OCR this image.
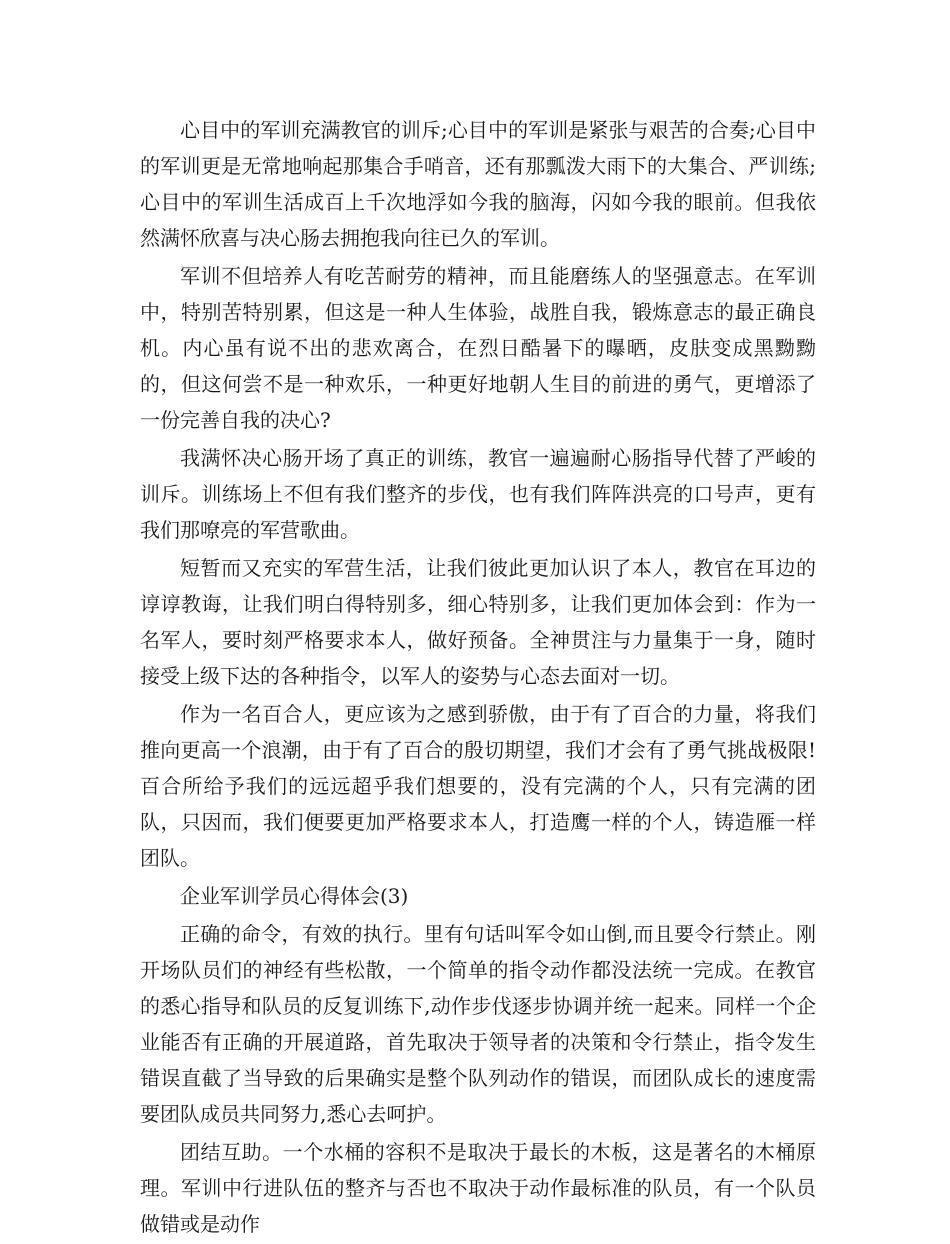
心目中的军训充满教官的训斥;心目中的军训是紧张与艰苦的合奏;心目中的军训更是无常地响起那集合手哨音，还有那瓢泼大雨下的大集合、严训练;心目中的军训生活成百上千次地浮如今我的脑海，闪如今我的眼前。但我依然满怀欣喜与决心肠去拥抱我向往已久的军训。

军训不但培养人有吃苦耐劳的精神，而且能磨练人的坚强意志。在军训中，特别苦特别累，但这是一种人生体验，战胜自我，锻炼意志的最正确良机。内心虽有说不出的悲欢离合，在烈日酷暑下的曝晒，皮肤变成黑黝黝的，但这何尝不是一种欢乐，一种更好地朝人生目的前进的勇气，更增添了一份完善自我的决心?

我满怀决心肠开场了真正的训练，教官一遍遍耐心肠指导代替了严峻的训斥。训练场上不但有我们整齐的步伐，也有我们阵阵洪亮的口号声，更有我们那嘹亮的军营歌曲。

短暂而又充实的军营生活，让我们彼此更加认识了本人，教官在耳边的谆谆教诲，让我们明白得特别多，细心特别多，让我们更加体会到：作为一名军人，要时刻严格要求本人，做好预备。全神贯注与力量集于一身，随时接受上级下达的各种指令，以军人的姿势与心态去面对一切。

作为一名百合人，更应该为之感到骄傲，由于有了百合的力量，将我们推向更高一个浪潮，由于有了百合的殷切期望，我们才会有了勇气挑战极限!百合所给予我们的远远超乎我们想要的，没有完满的个人，只有完满的团队，只因而，我们便要更加严格要求本人，打造鹰一样的个人，铸造雁一样团队。

企业军训学员心得体会(3)

正确的命令，有效的执行。里有句话叫军令如山倒,而且要令行禁止。刚开场队员们的神经有些松散，一个简单的指令动作都没法统一完成。在教官的悉心指导和队员的反复训练下,动作步伐逐步协调并统一起来。同样一个企业能否有正确的开展道路，首先取决于领导者的决策和令行禁止，指令发生错误直截了当导致的后果确实是整个队列动作的错误，而团队成长的速度需要团队成员共同努力,悉心去呵护。

团结互助。一个水桶的容积不是取决于最长的木板，这是著名的木桶原理。军训中行进队伍的整齐与否也不取决于动作最标准的队员，有一个队员做错或是动作
